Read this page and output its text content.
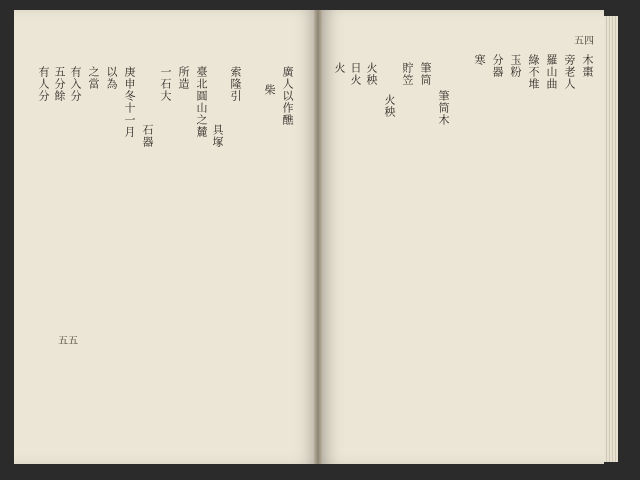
廣人以作醮
柴
索隆引
具塚
臺北圓山之麓
所造
一石大
石器
庚申冬十一月
以為
之當
有入分
五分餘
有人分
五五
木棗
旁老人
羅山曲
綠不堆
玉粉
分器
寒
筆筒木
筆筒
貯笠
火秧
火秧
日火
火
五四
